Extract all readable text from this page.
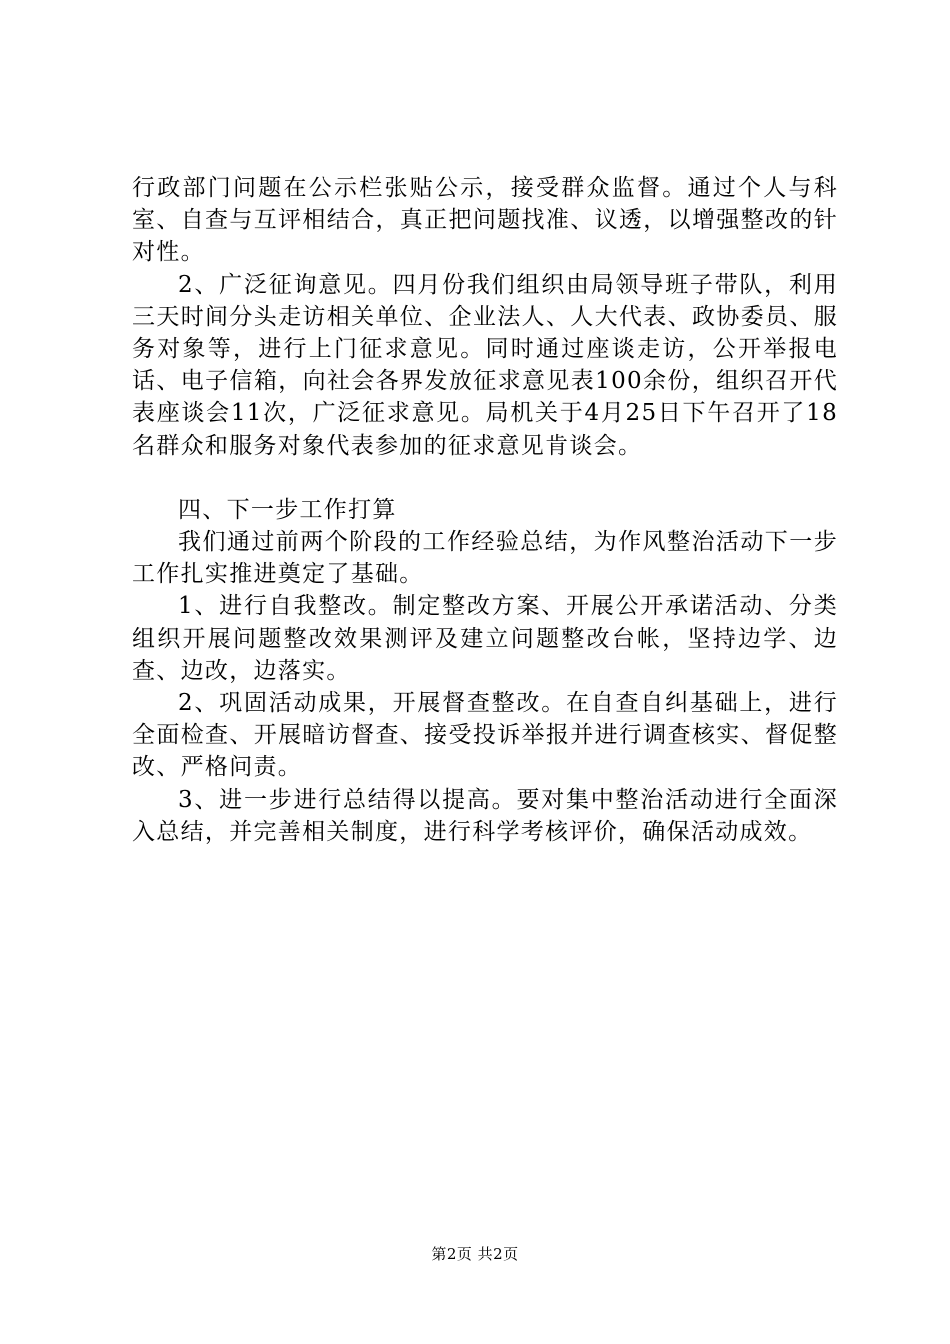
行政部门问题在公示栏张贴公示，接受群众监督。通过个人与科室、自查与互评相结合，真正把问题找准、议透，以增强整改的针对性。

2、广泛征询意见。四月份我们组织由局领导班子带队，利用三天时间分头走访相关单位、企业法人、人大代表、政协委员、服务对象等，进行上门征求意见。同时通过座谈走访，公开举报电话、电子信箱，向社会各界发放征求意见表100余份，组织召开代表座谈会11次，广泛征求意见。局机关于4月25日下午召开了18名群众和服务对象代表参加的征求意见肯谈会。

四、下一步工作打算

我们通过前两个阶段的工作经验总结，为作风整治活动下一步工作扎实推进奠定了基础。

1、进行自我整改。制定整改方案、开展公开承诺活动、分类组织开展问题整改效果测评及建立问题整改台帐，坚持边学、边查、边改，边落实。

2、巩固活动成果，开展督查整改。在自查自纠基础上，进行全面检查、开展暗访督查、接受投诉举报并进行调查核实、督促整改、严格问责。

3、进一步进行总结得以提高。要对集中整治活动进行全面深入总结，并完善相关制度，进行科学考核评价，确保活动成效。

第2页 共2页
